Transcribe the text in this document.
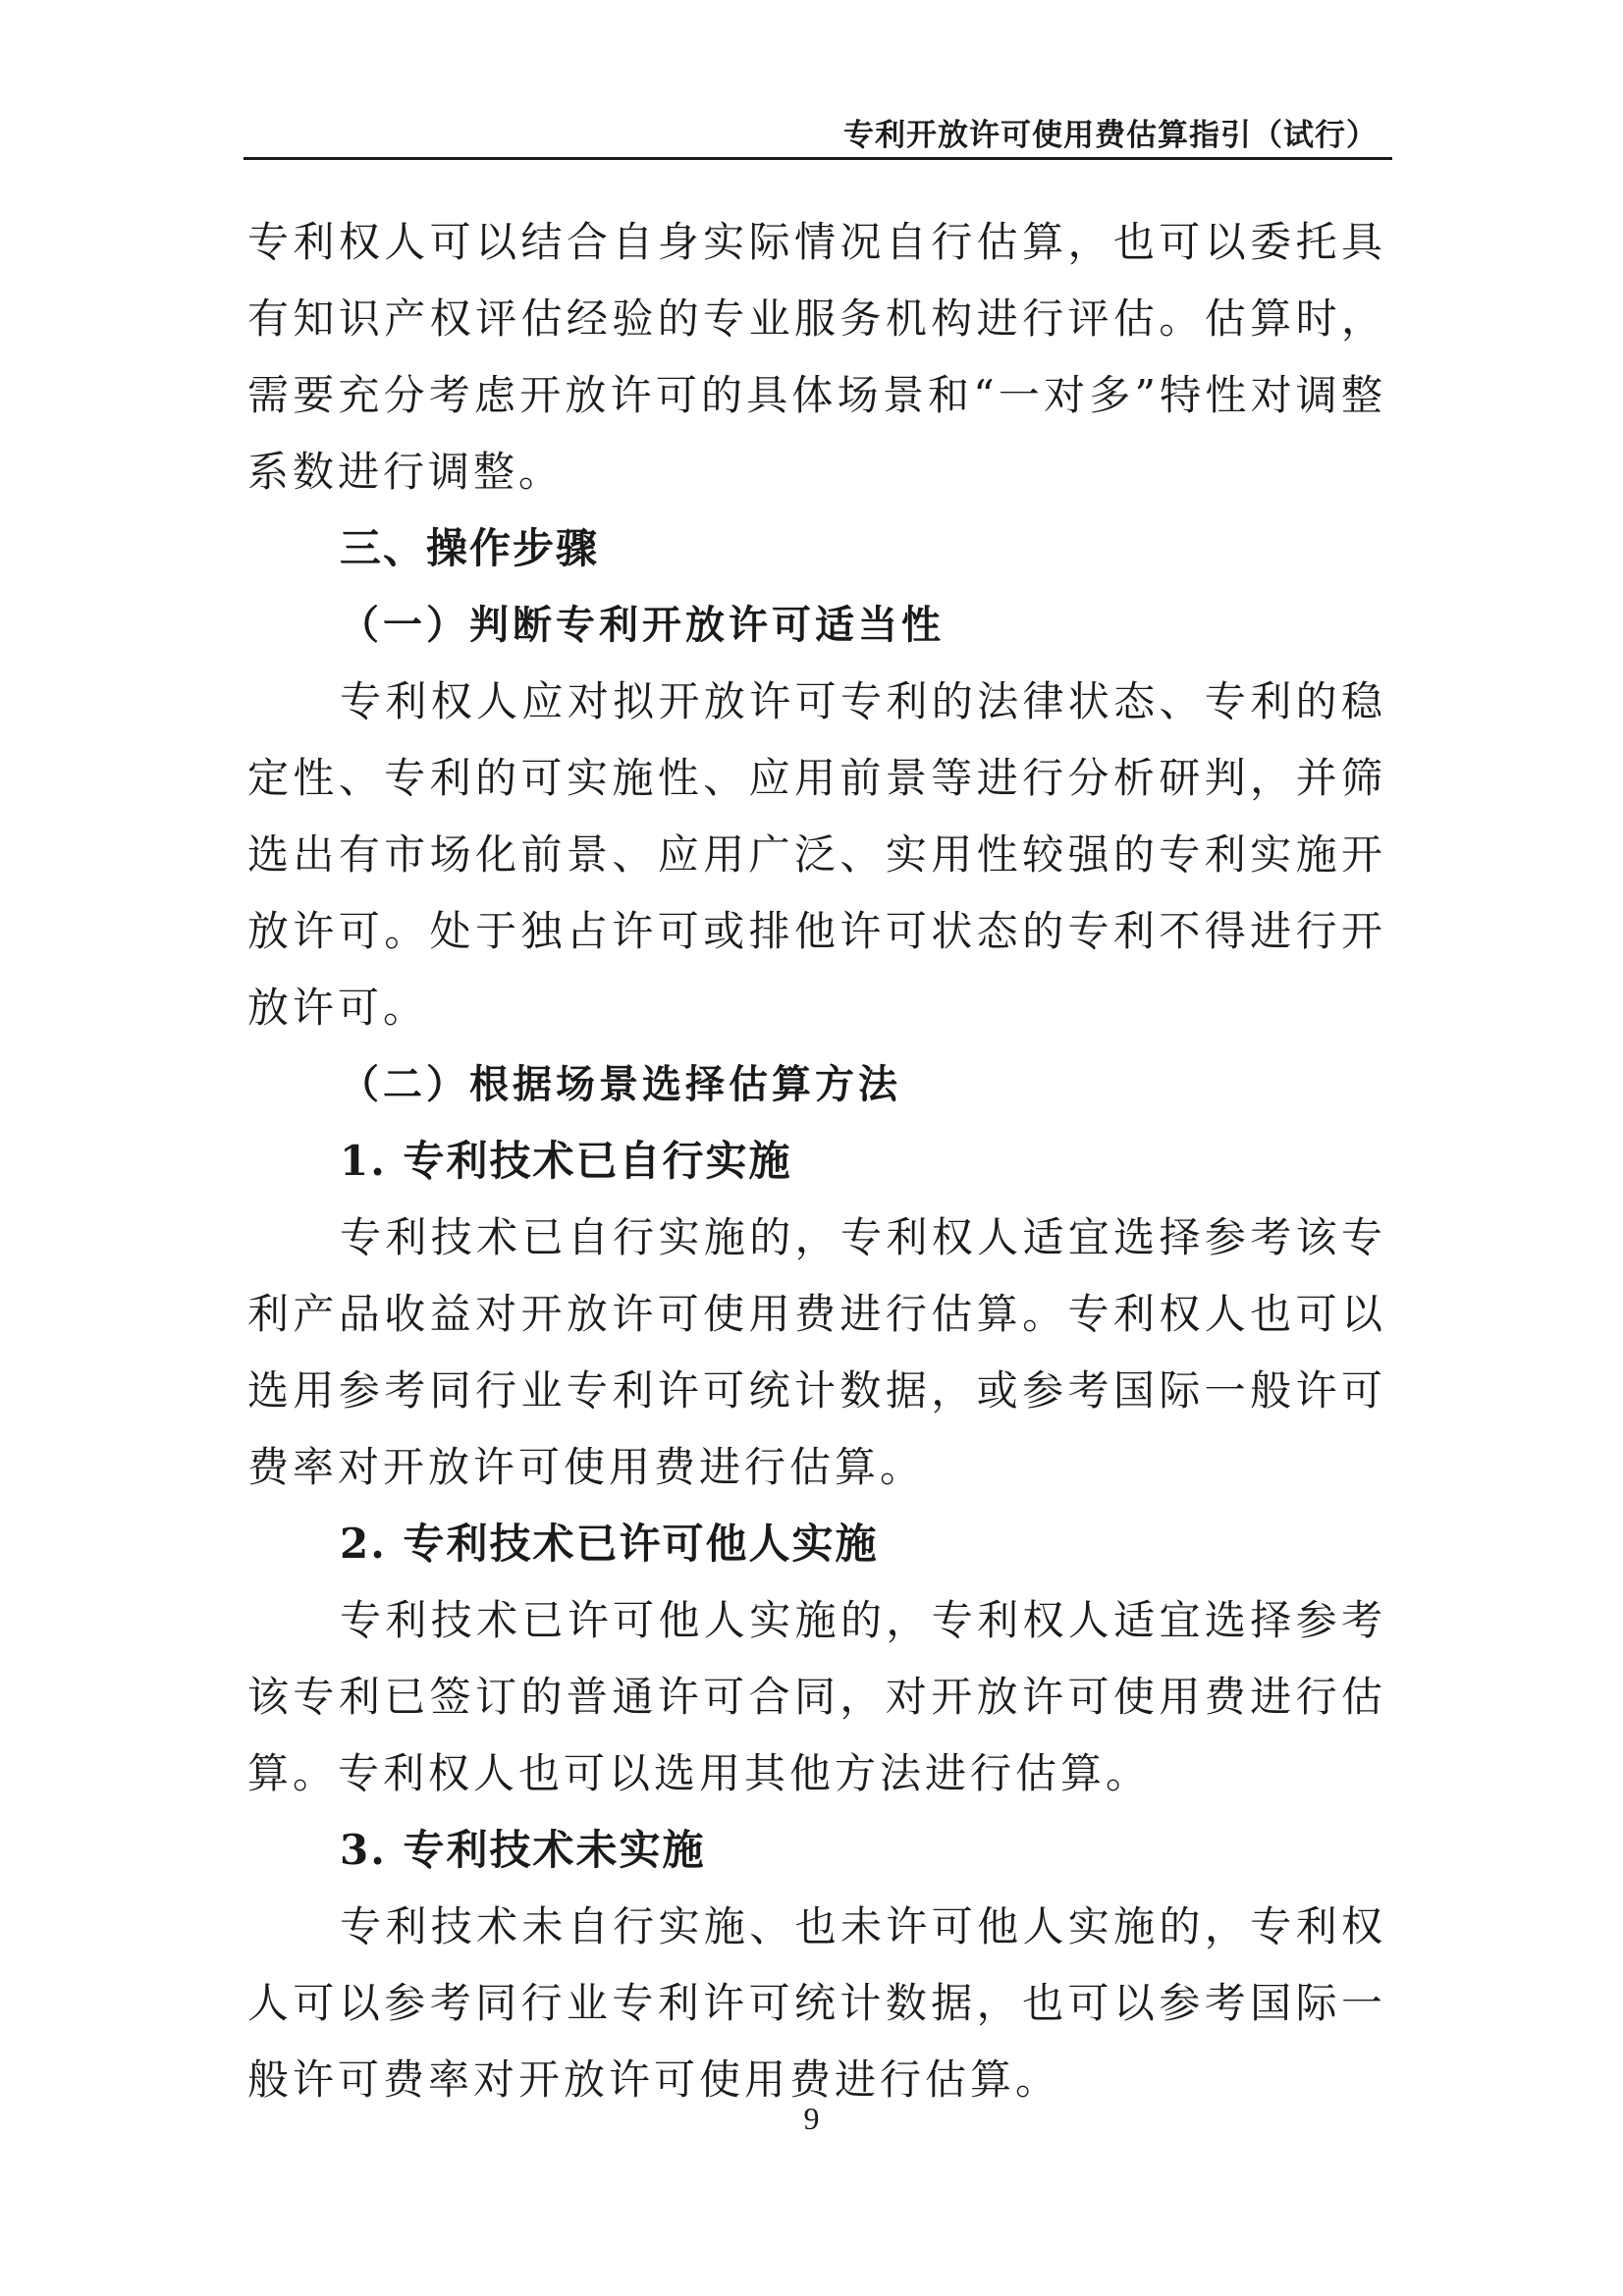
专利开放许可使用费估算指引（试行）

专利权人可以结合自身实际情况自行估算，也可以委托具有知识产权评估经验的专业服务机构进行评估。估算时，需要充分考虑开放许可的具体场景和“一对多”特性对调整系数进行调整。

三、操作步骤

（一）判断专利开放许可适当性

专利权人应对拟开放许可专利的法律状态、专利的稳定性、专利的可实施性、应用前景等进行分析研判，并筛选出有市场化前景、应用广泛、实用性较强的专利实施开放许可。处于独占许可或排他许可状态的专利不得进行开放许可。

（二）根据场景选择估算方法

1. 专利技术已自行实施

专利技术已自行实施的，专利权人适宜选择参考该专利产品收益对开放许可使用费进行估算。专利权人也可以选用参考同行业专利许可统计数据，或参考国际一般许可费率对开放许可使用费进行估算。

2. 专利技术已许可他人实施

专利技术已许可他人实施的，专利权人适宜选择参考该专利已签订的普通许可合同，对开放许可使用费进行估算。专利权人也可以选用其他方法进行估算。

3. 专利技术未实施

专利技术未自行实施、也未许可他人实施的，专利权人可以参考同行业专利许可统计数据，也可以参考国际一般许可费率对开放许可使用费进行估算。

9
